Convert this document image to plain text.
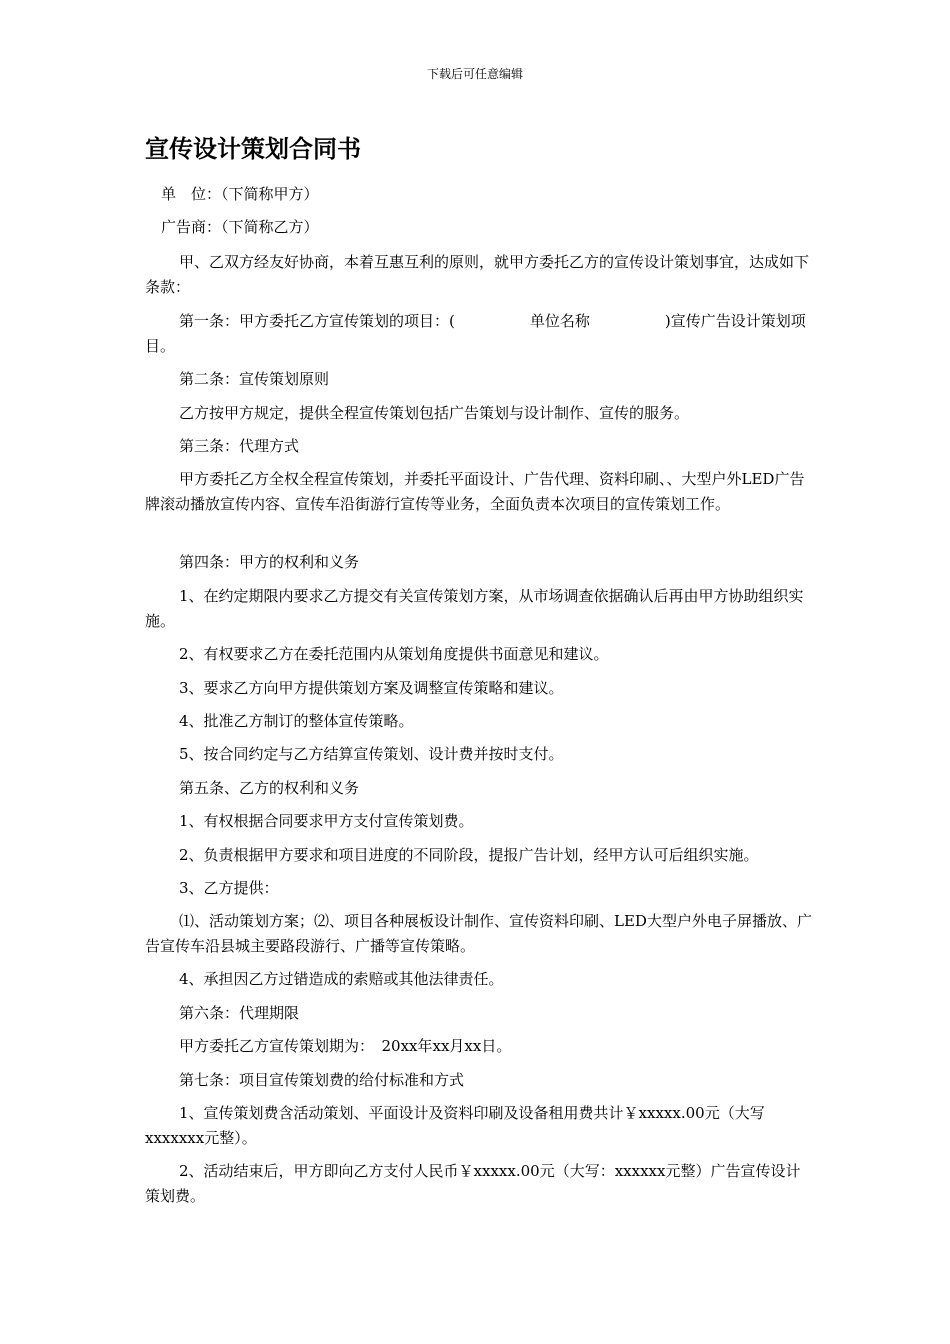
下载后可任意编辑
宣传设计策划合同书

单　位：（下简称甲方）

广告商：（下简称乙方）

甲、乙双方经友好协商，本着互惠互利的原则，就甲方委托乙方的宣传设计策划事宜，达成如下条款：

第一条：甲方委托乙方宣传策划的项目：(　　　　　单位名称　　　　　)宣传广告设计策划项目。

第二条：宣传策划原则

乙方按甲方规定，提供全程宣传策划包括广告策划与设计制作、宣传的服务。

第三条：代理方式

甲方委托乙方全权全程宣传策划，并委托平面设计、广告代理、资料印刷、、大型户外LED广告牌滚动播放宣传内容、宣传车沿街游行宣传等业务，全面负责本次项目的宣传策划工作。

第四条：甲方的权利和义务

1、在约定期限内要求乙方提交有关宣传策划方案，从市场调查依据确认后再由甲方协助组织实施。

2、有权要求乙方在委托范围内从策划角度提供书面意见和建议。

3、要求乙方向甲方提供策划方案及调整宣传策略和建议。

4、批准乙方制订的整体宣传策略。

5、按合同约定与乙方结算宣传策划、设计费并按时支付。

第五条、乙方的权利和义务

1、有权根据合同要求甲方支付宣传策划费。

2、负责根据甲方要求和项目进度的不同阶段，提报广告计划，经甲方认可后组织实施。

3、乙方提供：

⑴、活动策划方案；⑵、项目各种展板设计制作、宣传资料印刷、LED大型户外电子屏播放、广告宣传车沿县城主要路段游行、广播等宣传策略。

4、承担因乙方过错造成的索赔或其他法律责任。

第六条：代理期限

甲方委托乙方宣传策划期为：　20xx年xx月xx日。

第七条：项目宣传策划费的给付标准和方式

1、宣传策划费含活动策划、平面设计及资料印刷及设备租用费共计￥xxxxx.00元（大写xxxxxxx元整）。

2、活动结束后，甲方即向乙方支付人民币￥xxxxx.00元（大写：xxxxxx元整）广告宣传设计策划费。
